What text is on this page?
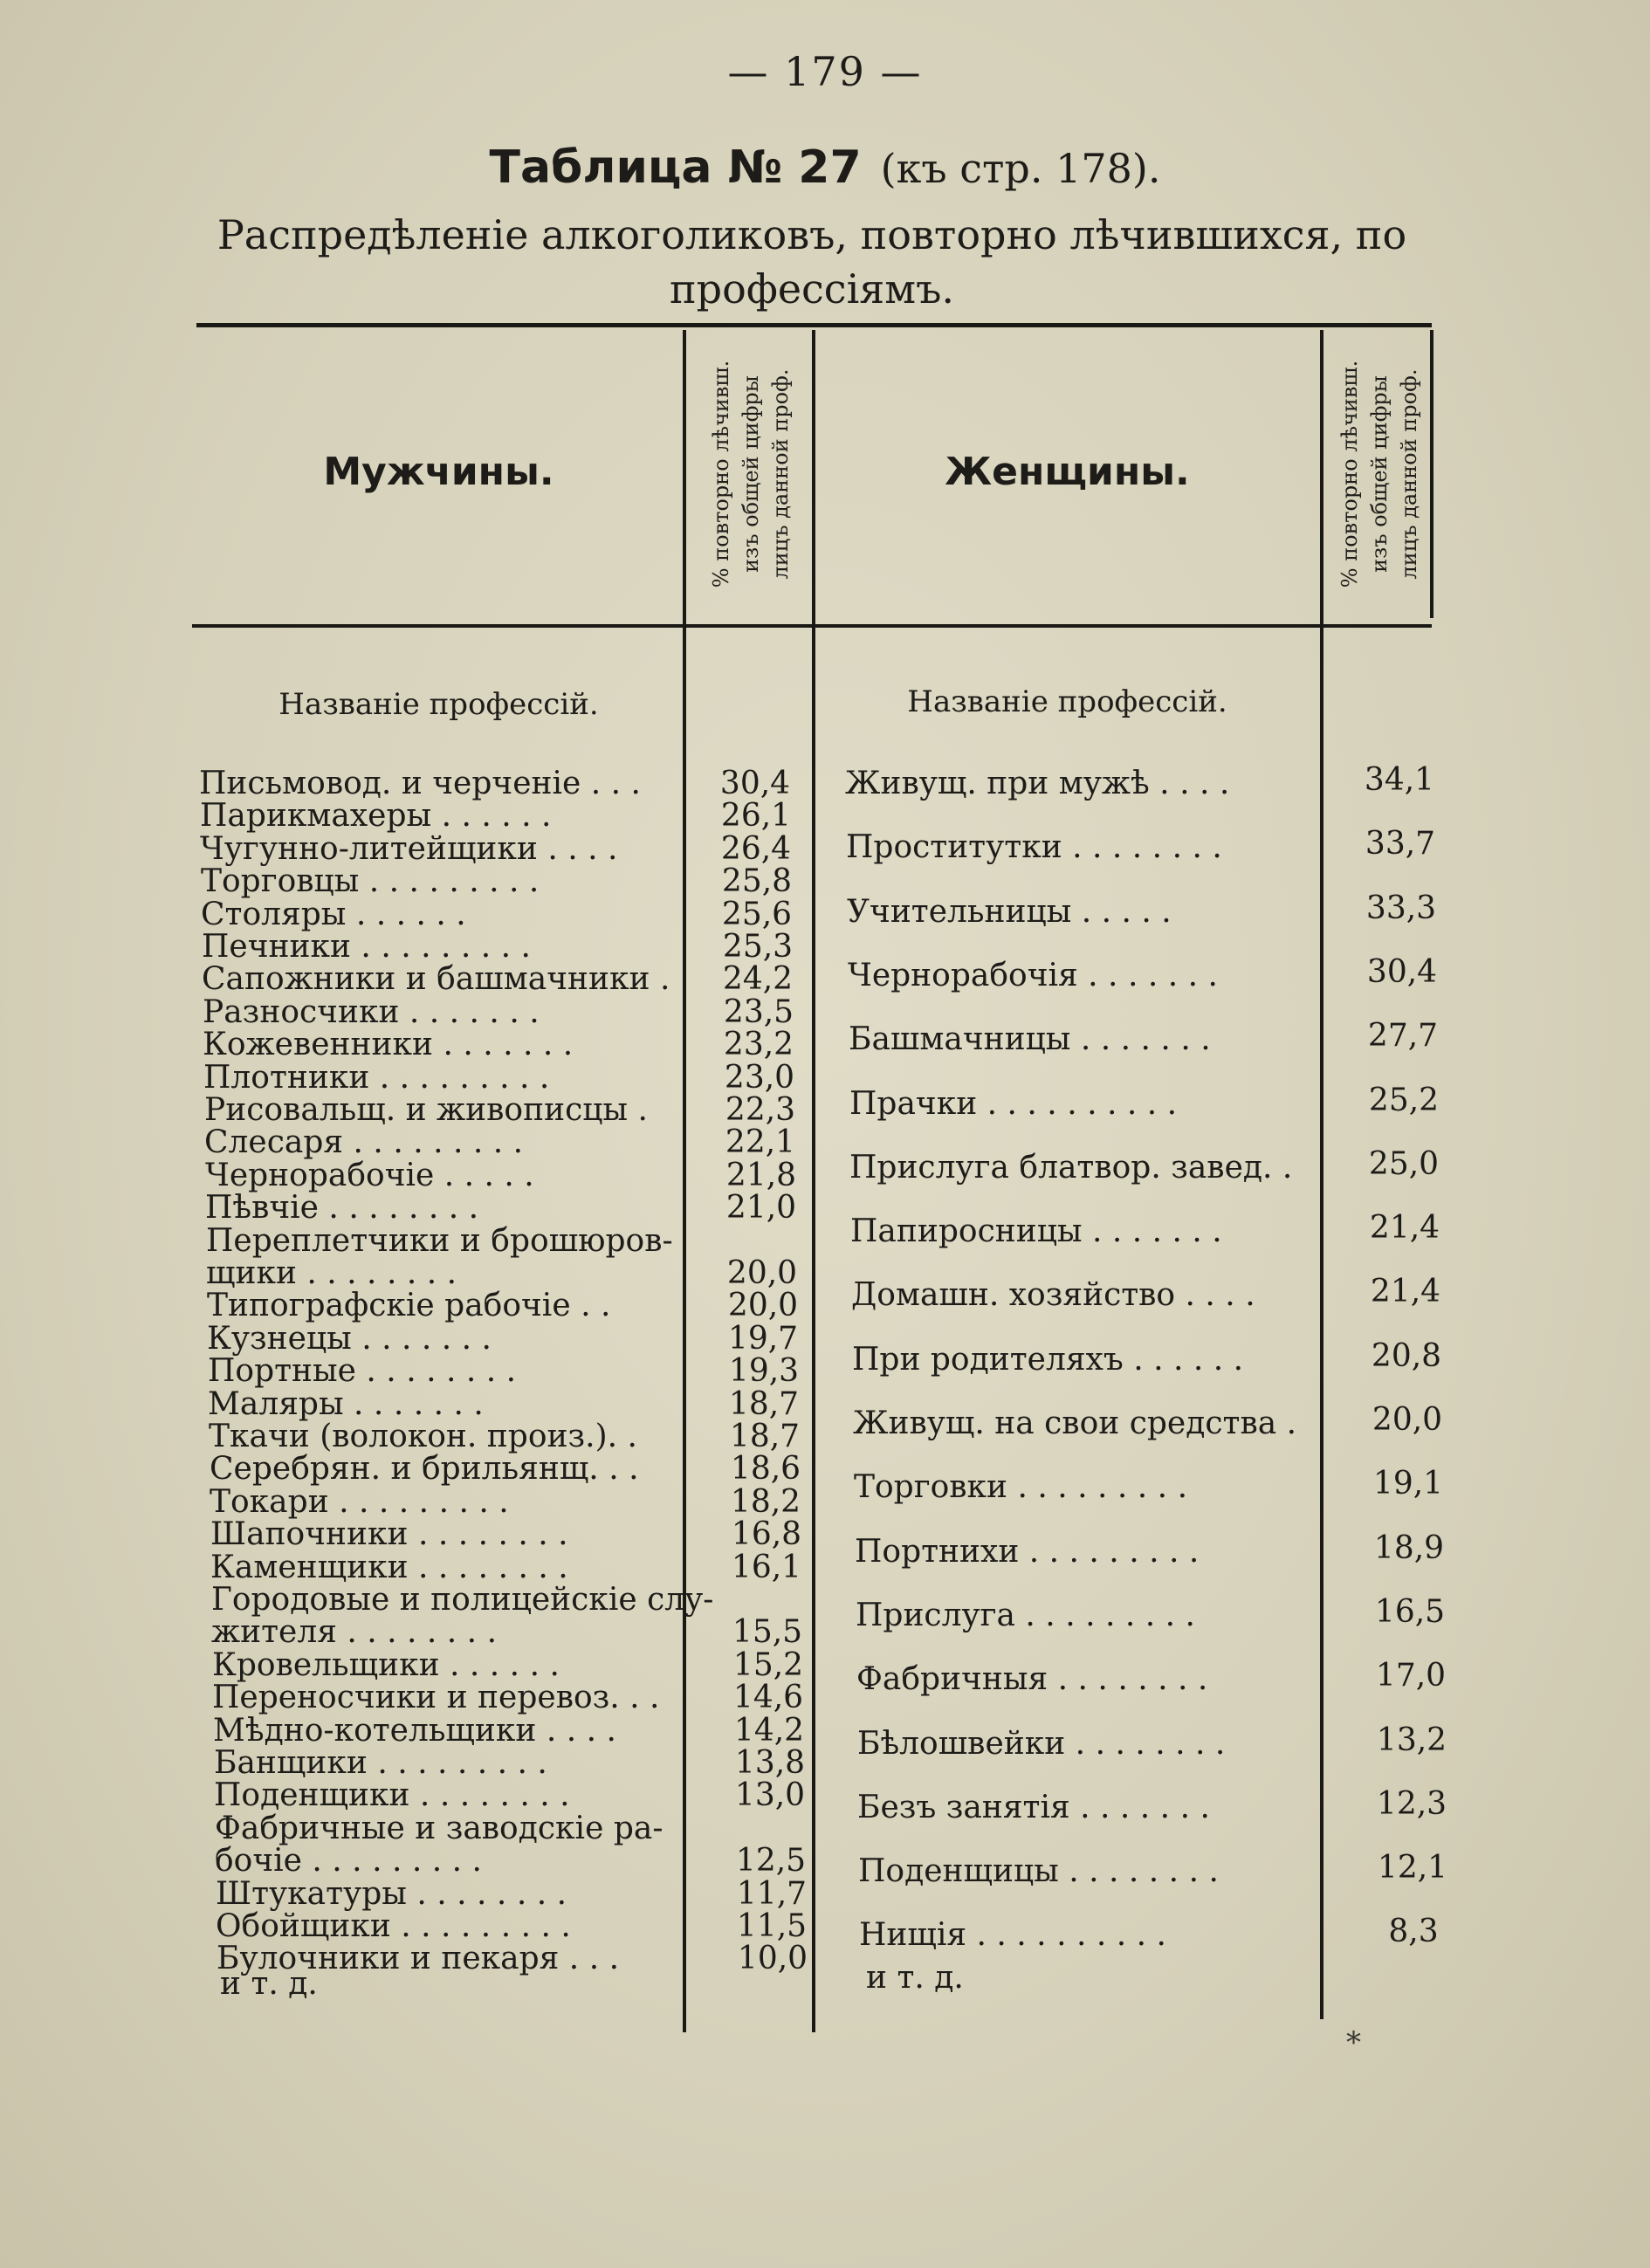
— 179 —
Таблица № 27 (къ стр. 178).
Распредѣленіе алкоголиковъ, повторно лѣчившихся, по профессіямъ.
Мужчины.	% повторно лѣчивш. изъ общей цифры лицъ данной проф.	Женщины.	% повторно лѣчивш. изъ общей цифры лицъ данной проф.
Названіе профессій.	Названіе профессій.
Письмовод. и черченіе . . .	30,4
Парикмахеры . . . . . .	26,1
Чугунно-литейщики . . . .	26,4
Торговцы . . . . . . . . .	25,8
Столяры . . . . . .	25,6
Печники . . . . . . . . .	25,3
Сапожники и башмачники .	24,2
Разносчики . . . . . . .	23,5
Кожевенники . . . . . . .	23,2
Плотники . . . . . . . . .	23,0
Рисовальщ. и живописцы .	22,3
Слесаря . . . . . . . . .	22,1
Чернорабочіе . . . . .	21,8
Пѣвчіе . . . . . . . .	21,0
Переплетчики и брошюров-
щики . . . . . . . .	20,0
Типографскіе рабочіе . .	20,0
Кузнецы . . . . . . .	19,7
Портные . . . . . . . .	19,3
Маляры . . . . . . .	18,7
Ткачи (волокон. произ.). .	18,7
Серебрян. и брильянщ. . .	18,6
Токари . . . . . . . . .	18,2
Шапочники . . . . . . . .	16,8
Каменщики . . . . . . . .	16,1
Городовые и полицейскіе слу-
жителя . . . . . . . .	15,5
Кровельщики . . . . . .	15,2
Переносчики и перевоз. . .	14,6
Мѣдно-котельщики . . . .	14,2
Банщики . . . . . . . . .	13,8
Поденщики . . . . . . . .	13,0
Фабричные и заводскіе ра-
бочіе . . . . . . . . .	12,5
Штукатуры . . . . . . . .	11,7
Обойщики . . . . . . . . .	11,5
Булочники и пекаря . . .	10,0
Живущ. при мужѣ . . . .	34,1
Проститутки . . . . . . . .	33,7
Учительницы . . . . .	33,3
Чернорабочія . . . . . . .	30,4
Башмачницы . . . . . . .	27,7
Прачки . . . . . . . . . .	25,2
Прислуга блатвор. завед. .	25,0
Папиросницы . . . . . . .	21,4
Домашн. хозяйство . . . .	21,4
При родителяхъ . . . . . .	20,8
Живущ. на свои средства .	20,0
Торговки . . . . . . . . .	19,1
Портнихи . . . . . . . . .	18,9
Прислуга . . . . . . . . .	16,5
Фабричныя . . . . . . . .	17,0
Бѣлошвейки . . . . . . . .	13,2
Безъ занятія . . . . . . .	12,3
Поденщицы . . . . . . . .	12,1
Нищія . . . . . . . . . .	8,3
и т. д.	и т. д.
*
